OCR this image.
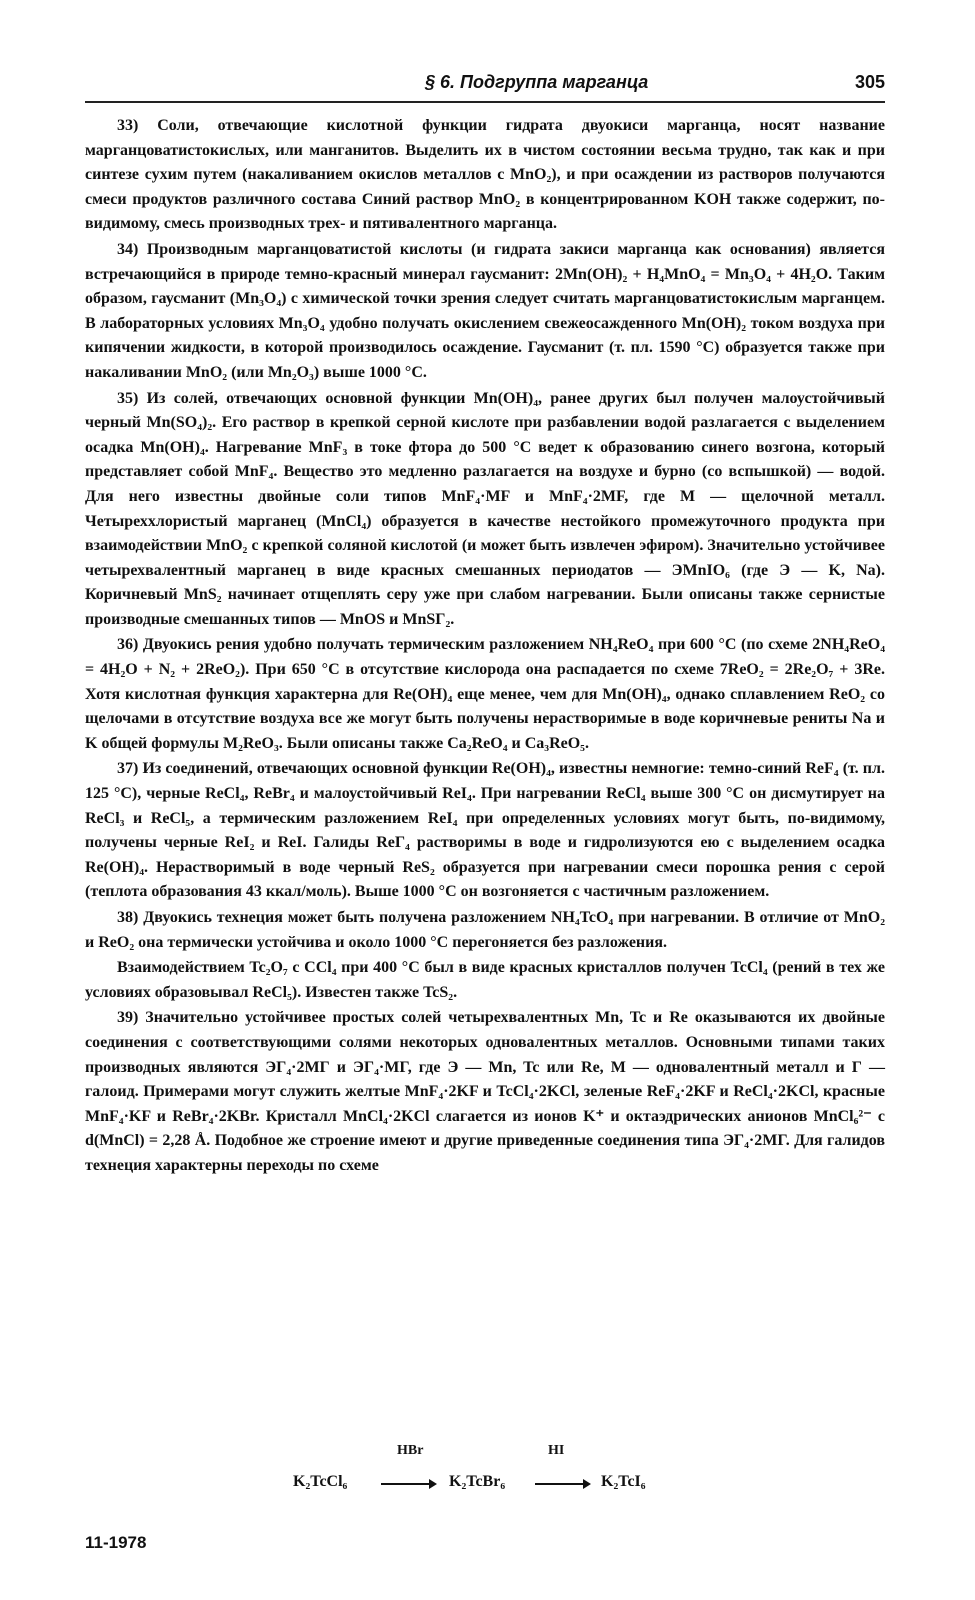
§ 6. Подгруппа марганца	305

33) Соли, отвечающие кислотной функции гидрата двуокиси марганца, носят название марганцоватистокислых, или манганитов. Выделить их в чистом состоянии весьма трудно, так как и при синтезе сухим путем (накаливанием окислов металлов с MnO₂), и при осаждении из растворов получаются смеси продуктов различного состава Синий раствор MnO₂ в концентрированном KOH также содержит, по-видимому, смесь производных трех- и пятивалентного марганца.

34) Производным марганцоватистой кислоты (и гидрата закиси марганца как основания) является встречающийся в природе темно-красный минерал гаусманит: 2Mn(OH)₂ + H₄MnO₄ = Mn₃O₄ + 4H₂O. Таким образом, гаусманит (Mn₃O₄) с химической точки зрения следует считать марганцоватистокислым марганцем. В лабораторных условиях Mn₃O₄ удобно получать окислением свежеосажденного Mn(OH)₂ током воздуха при кипячении жидкости, в которой производилось осаждение. Гаусманит (т. пл. 1590 °C) образуется также при накаливании MnO₂ (или Mn₂O₃) выше 1000 °C.

35) Из солей, отвечающих основной функции Mn(OH)₄, ранее других был получен малоустойчивый черный Mn(SO₄)₂. Его раствор в крепкой серной кислоте при разбавлении водой разлагается с выделением осадка Mn(OH)₄. Нагревание MnF₃ в токе фтора до 500 °C ведет к образованию синего возгона, который представляет собой MnF₄. Вещество это медленно разлагается на воздухе и бурно (со вспышкой) — водой. Для него известны двойные соли типов MnF₄·MF и MnF₄·2MF, где M — щелочной металл. Четыреххлористый марганец (MnCl₄) образуется в качестве нестойкого промежуточного продукта при взаимодействии MnO₂ с крепкой соляной кислотой (и может быть извлечен эфиром). Значительно устойчивее четырехвалентный марганец в виде красных смешанных периодатов — ЭMnIO₆ (где Э — K, Na). Коричневый MnS₂ начинает отщеплять серу уже при слабом нагревании. Были описаны также сернистые производные смешанных типов — MnOS и MnSГ₂.

36) Двуокись рения удобно получать термическим разложением NH₄ReO₄ при 600 °C (по схеме 2NH₄ReO₄ = 4H₂O + N₂ + 2ReO₂). При 650 °C в отсутствие кислорода она распадается по схеме 7ReO₂ = 2Re₂O₇ + 3Re. Хотя кислотная функция характерна для Re(OH)₄ еще менее, чем для Mn(OH)₄, однако сплавлением ReO₂ со щелочами в отсутствие воздуха все же могут быть получены нерастворимые в воде коричневые рениты Na и K общей формулы M₂ReO₃. Были описаны также Ca₂ReO₄ и Ca₃ReO₅.

37) Из соединений, отвечающих основной функции Re(OH)₄, известны немногие: темно-синий ReF₄ (т. пл. 125 °C), черные ReCl₄, ReBr₄ и малоустойчивый ReI₄. При нагревании ReCl₄ выше 300 °C он дисмутирует на ReCl₃ и ReCl₅, а термическим разложением ReI₄ при определенных условиях могут быть, по-видимому, получены черные ReI₂ и ReI. Галиды ReГ₄ растворимы в воде и гидролизуются ею с выделением осадка Re(OH)₄. Нерастворимый в воде черный ReS₂ образуется при нагревании смеси порошка рения с серой (теплота образования 43 ккал/моль). Выше 1000 °C он возгоняется с частичным разложением.

38) Двуокись технеция может быть получена разложением NH₄TcO₄ при нагревании. В отличие от MnO₂ и ReO₂ она термически устойчива и около 1000 °C перегоняется без разложения.

Взаимодействием Tc₂O₇ с CCl₄ при 400 °C был в виде красных кристаллов получен TcCl₄ (рений в тех же условиях образовывал ReCl₅). Известен также TcS₂.

39) Значительно устойчивее простых солей четырехвалентных Mn, Tc и Re оказываются их двойные соединения с соответствующими солями некоторых одновалентных металлов. Основными типами таких производных являются ЭГ₄·2МГ и ЭГ₄·МГ, где Э — Mn, Tc или Re, M — одновалентный металл и Г — галоид. Примерами могут служить желтые MnF₄·2KF и TcCl₄·2KCl, зеленые ReF₄·2KF и ReCl₄·2KCl, красные MnF₄·KF и ReBr₄·2KBr. Кристалл MnCl₄·2KCl слагается из ионов K⁺ и октаэдрических анионов MnCl₆²⁻ с d(MnCl) = 2,28 Å. Подобное же строение имеют и другие приведенные соединения типа ЭГ₄·2МГ. Для галидов технеция характерны переходы по схеме

K₂TcCl₆
HBr
→ K₂TcBr₆
HI
→ K₂TcI₆
11-1978
